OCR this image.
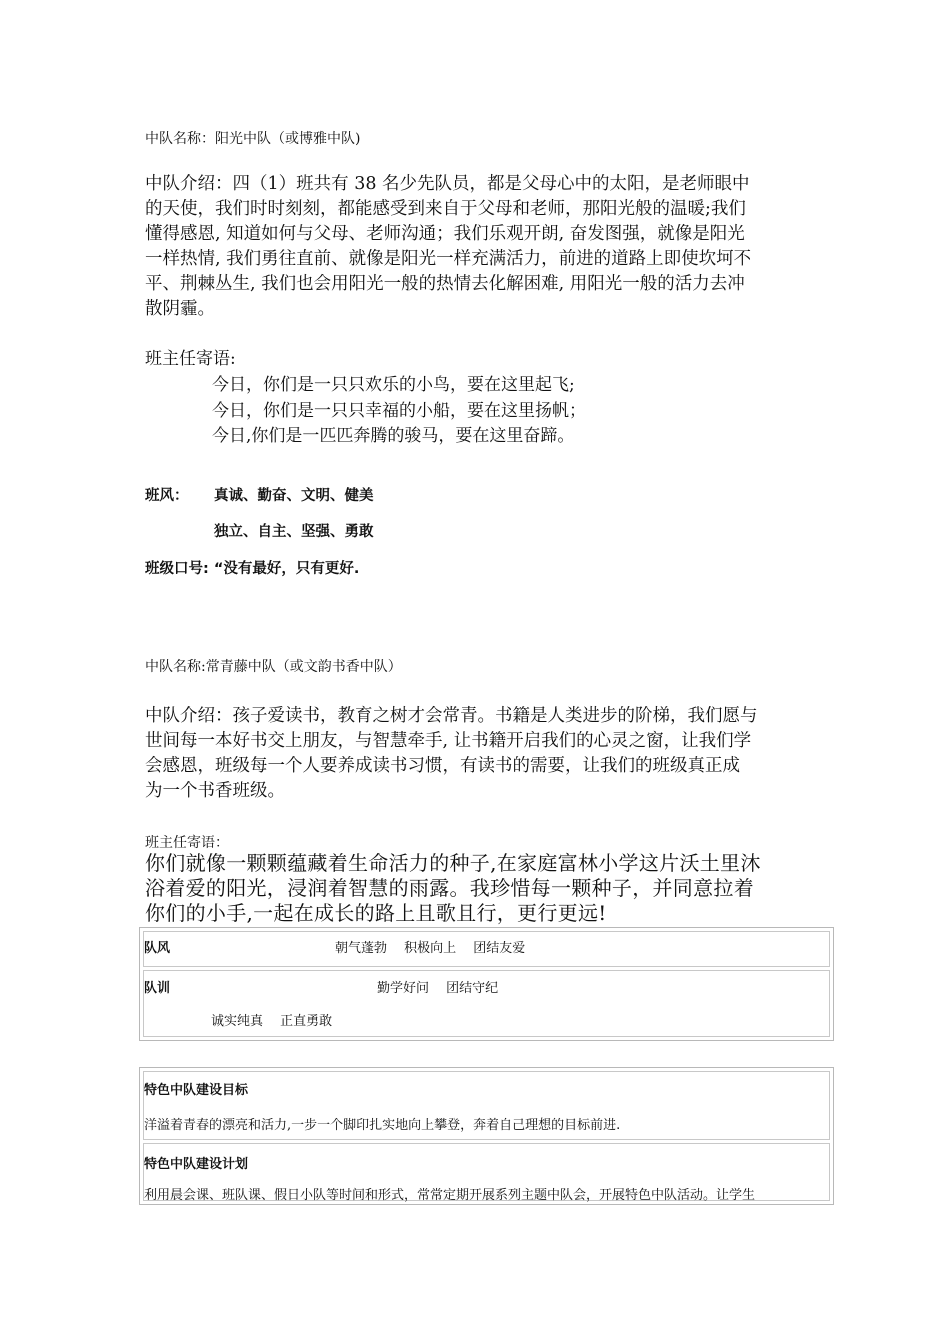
中队名称：阳光中队（或博雅中队)
中队介绍：四（1）班共有 38 名少先队员，都是父母心中的太阳，是老师眼中
的天使，我们时时刻刻，都能感受到来自于父母和老师，那阳光般的温暖;我们
懂得感恩, 知道如何与父母、老师沟通；我们乐观开朗, 奋发图强，就像是阳光
一样热情, 我们勇往直前、就像是阳光一样充满活力，前进的道路上即使坎坷不
平、荆棘丛生, 我们也会用阳光一般的热情去化解困难, 用阳光一般的活力去冲
散阴霾。
班主任寄语:
今日，你们是一只只欢乐的小鸟，要在这里起飞;
今日，你们是一只只幸福的小船，要在这里扬帆；
今日,你们是一匹匹奔腾的骏马，要在这里奋蹄。
班风： 真诚、勤奋、文明、健美
独立、自主、坚强、勇敢
班级口号: “没有最好，只有更好.
中队名称:常青藤中队（或文韵书香中队）
中队介绍：孩子爱读书，教育之树才会常青。书籍是人类进步的阶梯，我们愿与
世间每一本好书交上朋友，与智慧牵手, 让书籍开启我们的心灵之窗，让我们学
会感恩，班级每一个人要养成读书习惯，有读书的需要，让我们的班级真正成
为一个书香班级。
班主任寄语：
你们就像一颗颗蕴藏着生命活力的种子,在家庭富林小学这片沃土里沐
浴着爱的阳光，浸润着智慧的雨露。我珍惜每一颗种子，并同意拉着
你们的小手,一起在成长的路上且歌且行，更行更远!
队风	朝气蓬勃　 积极向上　 团结友爱
队训	勤学好问　 团结守纪
诚实纯真　 正直勇敢
特色中队建设目标
洋溢着青春的漂亮和活力,一步一个脚印扎实地向上攀登，奔着自己理想的目标前进.
特色中队建设计划
利用晨会课、班队课、假日小队等时间和形式，常常定期开展系列主题中队会，开展特色中队活动。让学生
